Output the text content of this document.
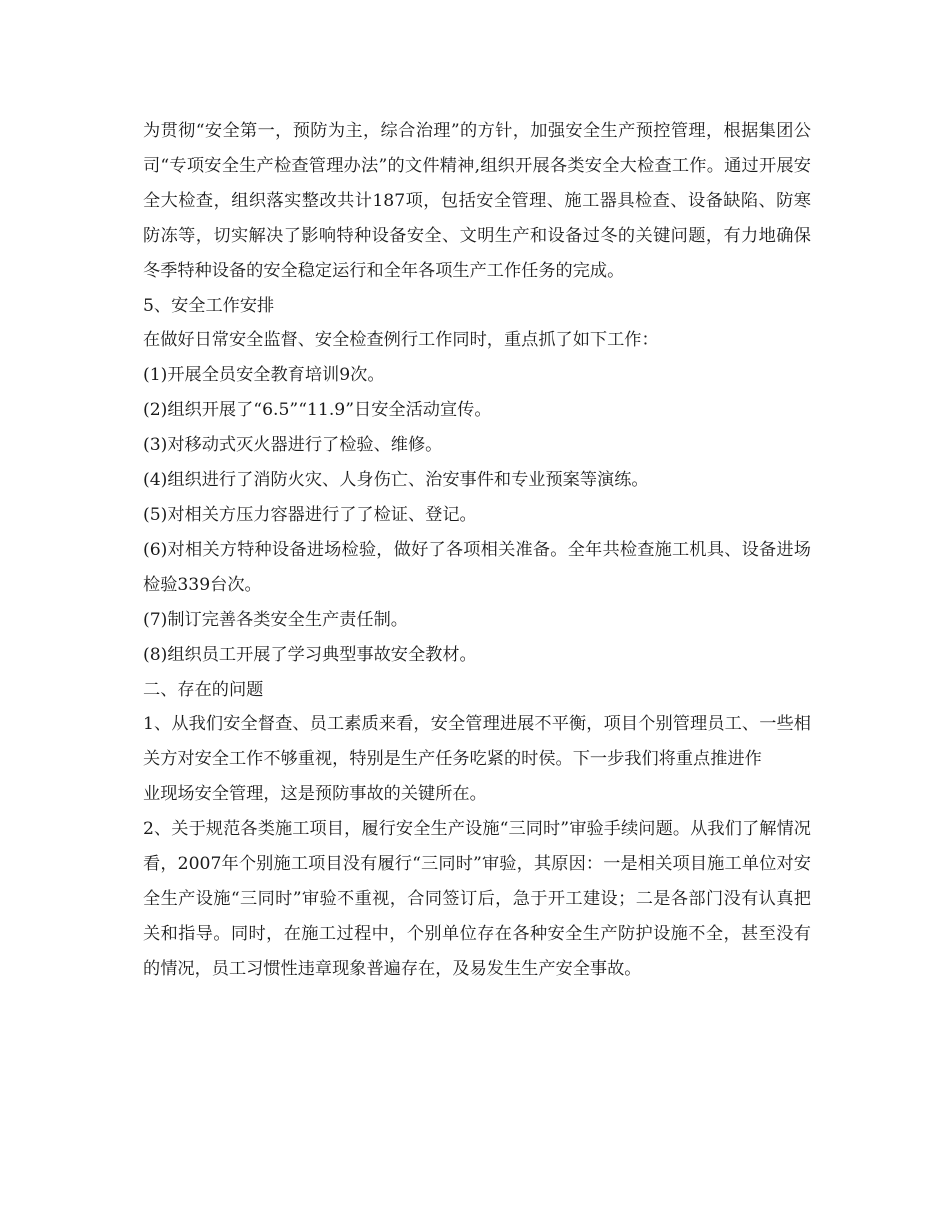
为贯彻“安全第一，预防为主，综合治理”的方针，加强安全生产预控管理，根据集团公司“专项安全生产检查管理办法”的文件精神,组织开展各类安全大检查工作。通过开展安全大检查，组织落实整改共计187项，包括安全管理、施工器具检查、设备缺陷、防寒防冻等，切实解决了影响特种设备安全、文明生产和设备过冬的关键问题，有力地确保冬季特种设备的安全稳定运行和全年各项生产工作任务的完成。

5、安全工作安排

在做好日常安全监督、安全检查例行工作同时，重点抓了如下工作：

(1)开展全员安全教育培训9次。

(2)组织开展了“6.5”“11.9”日安全活动宣传。

(3)对移动式灭火器进行了检验、维修。

(4)组织进行了消防火灾、人身伤亡、治安事件和专业预案等演练。

(5)对相关方压力容器进行了了检证、登记。

(6)对相关方特种设备进场检验，做好了各项相关准备。全年共检查施工机具、设备进场检验339台次。

(7)制订完善各类安全生产责任制。

(8)组织员工开展了学习典型事故安全教材。

二、存在的问题

1、从我们安全督查、员工素质来看，安全管理进展不平衡，项目个别管理员工、一些相关方对安全工作不够重视，特别是生产任务吃紧的时侯。下一步我们将重点推进作

业现场安全管理，这是预防事故的关键所在。

2、关于规范各类施工项目，履行安全生产设施“三同时”审验手续问题。从我们了解情况看，2007年个别施工项目没有履行“三同时”审验，其原因：一是相关项目施工单位对安全生产设施“三同时”审验不重视，合同签订后，急于开工建设；二是各部门没有认真把关和指导。同时，在施工过程中，个别单位存在各种安全生产防护设施不全，甚至没有的情况，员工习惯性违章现象普遍存在，及易发生生产安全事故。
